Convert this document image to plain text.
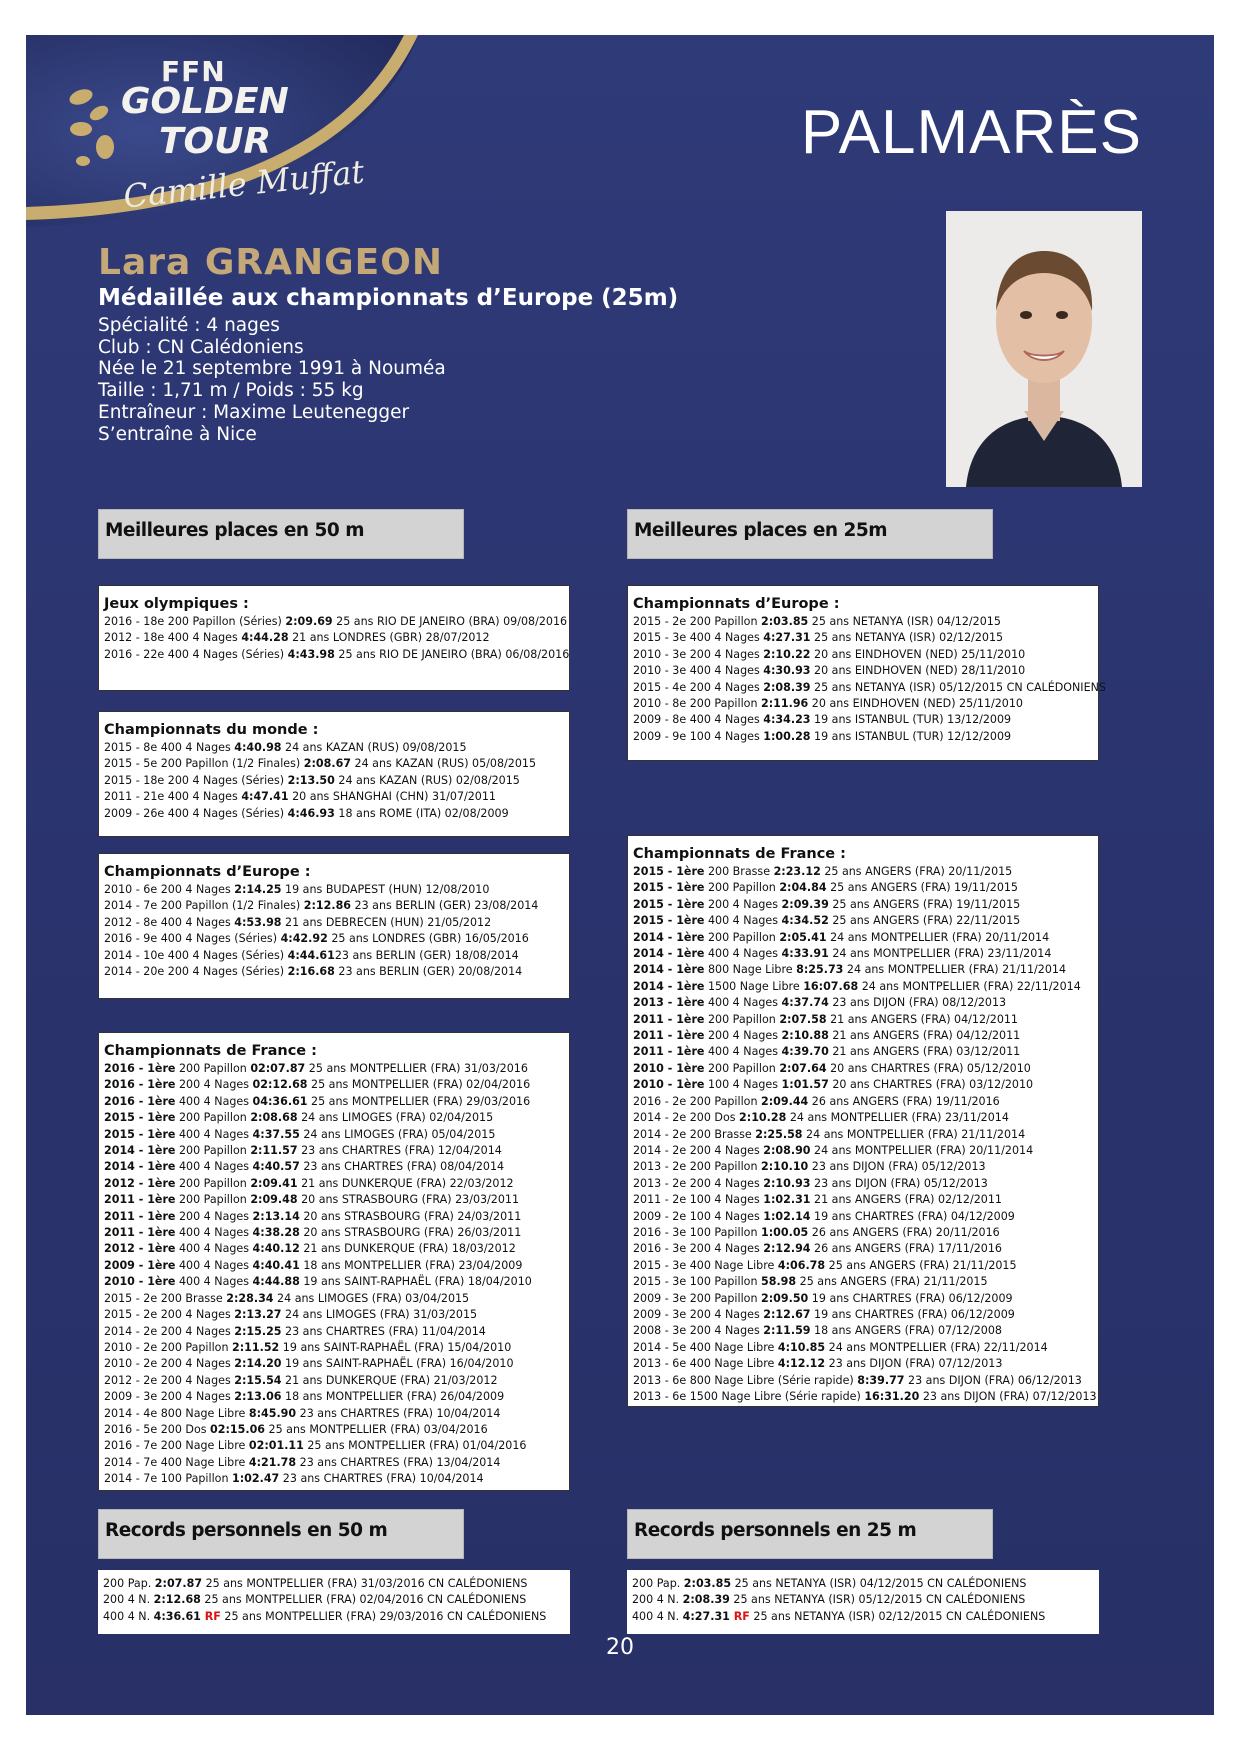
FFN
GOLDEN
TOUR
Camille Muffat
PALMARÈS
Lara GRANGEON
Médaillée aux championnats d’Europe (25m)
Spécialité : 4 nages
Club : CN Calédoniens
Née le 21 septembre 1991 à Nouméa
Taille : 1,71 m / Poids : 55 kg
Entraîneur : Maxime Leutenegger
S’entraîne à Nice
Meilleures places en 50 m	Meilleures places en 25m
Jeux olympiques :
2016 - 18e 200 Papillon (Séries) 2:09.69 25 ans RIO DE JANEIRO (BRA) 09/08/2016
2012 - 18e 400 4 Nages 4:44.28 21 ans LONDRES (GBR) 28/07/2012
2016 - 22e 400 4 Nages (Séries) 4:43.98 25 ans RIO DE JANEIRO (BRA) 06/08/2016
Championnats du monde :
2015 - 8e 400 4 Nages 4:40.98 24 ans KAZAN (RUS) 09/08/2015
2015 - 5e 200 Papillon (1/2 Finales) 2:08.67 24 ans KAZAN (RUS) 05/08/2015
2015 - 18e 200 4 Nages (Séries) 2:13.50 24 ans KAZAN (RUS) 02/08/2015
2011 - 21e 400 4 Nages 4:47.41 20 ans SHANGHAI (CHN) 31/07/2011
2009 - 26e 400 4 Nages (Séries) 4:46.93 18 ans ROME (ITA) 02/08/2009
Championnats d’Europe :
2010 - 6e 200 4 Nages 2:14.25 19 ans BUDAPEST (HUN) 12/08/2010
2014 - 7e 200 Papillon (1/2 Finales) 2:12.86 23 ans BERLIN (GER) 23/08/2014
2012 - 8e 400 4 Nages 4:53.98 21 ans DEBRECEN (HUN) 21/05/2012
2016 - 9e 400 4 Nages (Séries) 4:42.92 25 ans LONDRES (GBR) 16/05/2016
2014 - 10e 400 4 Nages (Séries) 4:44.6123 ans BERLIN (GER) 18/08/2014
2014 - 20e 200 4 Nages (Séries) 2:16.68 23 ans BERLIN (GER) 20/08/2014
Championnats de France :
2016 - 1ère 200 Papillon 02:07.87 25 ans MONTPELLIER (FRA) 31/03/2016
2016 - 1ère 200 4 Nages 02:12.68 25 ans MONTPELLIER (FRA) 02/04/2016
2016 - 1ère 400 4 Nages 04:36.61 25 ans MONTPELLIER (FRA) 29/03/2016
2015 - 1ère 200 Papillon 2:08.68 24 ans LIMOGES (FRA) 02/04/2015
2015 - 1ère 400 4 Nages 4:37.55 24 ans LIMOGES (FRA) 05/04/2015
2014 - 1ère 200 Papillon 2:11.57 23 ans CHARTRES (FRA) 12/04/2014
2014 - 1ère 400 4 Nages 4:40.57 23 ans CHARTRES (FRA) 08/04/2014
2012 - 1ère 200 Papillon 2:09.41 21 ans DUNKERQUE (FRA) 22/03/2012
2011 - 1ère 200 Papillon 2:09.48 20 ans STRASBOURG (FRA) 23/03/2011
2011 - 1ère 200 4 Nages 2:13.14 20 ans STRASBOURG (FRA) 24/03/2011
2011 - 1ère 400 4 Nages 4:38.28 20 ans STRASBOURG (FRA) 26/03/2011
2012 - 1ère 400 4 Nages 4:40.12 21 ans DUNKERQUE (FRA) 18/03/2012
2009 - 1ère 400 4 Nages 4:40.41 18 ans MONTPELLIER (FRA) 23/04/2009
2010 - 1ère 400 4 Nages 4:44.88 19 ans SAINT-RAPHAËL (FRA) 18/04/2010
2015 - 2e 200 Brasse 2:28.34 24 ans LIMOGES (FRA) 03/04/2015
2015 - 2e 200 4 Nages 2:13.27 24 ans LIMOGES (FRA) 31/03/2015
2014 - 2e 200 4 Nages 2:15.25 23 ans CHARTRES (FRA) 11/04/2014
2010 - 2e 200 Papillon 2:11.52 19 ans SAINT-RAPHAËL (FRA) 15/04/2010
2010 - 2e 200 4 Nages 2:14.20 19 ans SAINT-RAPHAËL (FRA) 16/04/2010
2012 - 2e 200 4 Nages 2:15.54 21 ans DUNKERQUE (FRA) 21/03/2012
2009 - 3e 200 4 Nages 2:13.06 18 ans MONTPELLIER (FRA) 26/04/2009
2014 - 4e 800 Nage Libre 8:45.90 23 ans CHARTRES (FRA) 10/04/2014
2016 - 5e 200 Dos 02:15.06 25 ans MONTPELLIER (FRA) 03/04/2016
2016 - 7e 200 Nage Libre 02:01.11 25 ans MONTPELLIER (FRA) 01/04/2016
2014 - 7e 400 Nage Libre 4:21.78 23 ans CHARTRES (FRA) 13/04/2014
2014 - 7e 100 Papillon 1:02.47 23 ans CHARTRES (FRA) 10/04/2014
Championnats d’Europe :
2015 - 2e 200 Papillon 2:03.85 25 ans NETANYA (ISR) 04/12/2015
2015 - 3e 400 4 Nages 4:27.31 25 ans NETANYA (ISR) 02/12/2015
2010 - 3e 200 4 Nages 2:10.22 20 ans EINDHOVEN (NED) 25/11/2010
2010 - 3e 400 4 Nages 4:30.93 20 ans EINDHOVEN (NED) 28/11/2010
2015 - 4e 200 4 Nages 2:08.39 25 ans NETANYA (ISR) 05/12/2015 CN CALÉDONIENS
2010 - 8e 200 Papillon 2:11.96 20 ans EINDHOVEN (NED) 25/11/2010
2009 - 8e 400 4 Nages 4:34.23 19 ans ISTANBUL (TUR) 13/12/2009
2009 - 9e 100 4 Nages 1:00.28 19 ans ISTANBUL (TUR) 12/12/2009
Championnats de France :
2015 - 1ère 200 Brasse 2:23.12 25 ans ANGERS (FRA) 20/11/2015
2015 - 1ère 200 Papillon 2:04.84 25 ans ANGERS (FRA) 19/11/2015
2015 - 1ère 200 4 Nages 2:09.39 25 ans ANGERS (FRA) 19/11/2015
2015 - 1ère 400 4 Nages 4:34.52 25 ans ANGERS (FRA) 22/11/2015
2014 - 1ère 200 Papillon 2:05.41 24 ans MONTPELLIER (FRA) 20/11/2014
2014 - 1ère 400 4 Nages 4:33.91 24 ans MONTPELLIER (FRA) 23/11/2014
2014 - 1ère 800 Nage Libre 8:25.73 24 ans MONTPELLIER (FRA) 21/11/2014
2014 - 1ère 1500 Nage Libre 16:07.68 24 ans MONTPELLIER (FRA) 22/11/2014
2013 - 1ère 400 4 Nages 4:37.74 23 ans DIJON (FRA) 08/12/2013
2011 - 1ère 200 Papillon 2:07.58 21 ans ANGERS (FRA) 04/12/2011
2011 - 1ère 200 4 Nages 2:10.88 21 ans ANGERS (FRA) 04/12/2011
2011 - 1ère 400 4 Nages 4:39.70 21 ans ANGERS (FRA) 03/12/2011
2010 - 1ère 200 Papillon 2:07.64 20 ans CHARTRES (FRA) 05/12/2010
2010 - 1ère 100 4 Nages 1:01.57 20 ans CHARTRES (FRA) 03/12/2010
2016 - 2e 200 Papillon 2:09.44 26 ans ANGERS (FRA) 19/11/2016
2014 - 2e 200 Dos 2:10.28 24 ans MONTPELLIER (FRA) 23/11/2014
2014 - 2e 200 Brasse 2:25.58 24 ans MONTPELLIER (FRA) 21/11/2014
2014 - 2e 200 4 Nages 2:08.90 24 ans MONTPELLIER (FRA) 20/11/2014
2013 - 2e 200 Papillon 2:10.10 23 ans DIJON (FRA) 05/12/2013
2013 - 2e 200 4 Nages 2:10.93 23 ans DIJON (FRA) 05/12/2013
2011 - 2e 100 4 Nages 1:02.31 21 ans ANGERS (FRA) 02/12/2011
2009 - 2e 100 4 Nages 1:02.14 19 ans CHARTRES (FRA) 04/12/2009
2016 - 3e 100 Papillon 1:00.05 26 ans ANGERS (FRA) 20/11/2016
2016 - 3e 200 4 Nages 2:12.94 26 ans ANGERS (FRA) 17/11/2016
2015 - 3e 400 Nage Libre 4:06.78 25 ans ANGERS (FRA) 21/11/2015
2015 - 3e 100 Papillon 58.98 25 ans ANGERS (FRA) 21/11/2015
2009 - 3e 200 Papillon 2:09.50 19 ans CHARTRES (FRA) 06/12/2009
2009 - 3e 200 4 Nages 2:12.67 19 ans CHARTRES (FRA) 06/12/2009
2008 - 3e 200 4 Nages 2:11.59 18 ans ANGERS (FRA) 07/12/2008
2014 - 5e 400 Nage Libre 4:10.85 24 ans MONTPELLIER (FRA) 22/11/2014
2013 - 6e 400 Nage Libre 4:12.12 23 ans DIJON (FRA) 07/12/2013
2013 - 6e 800 Nage Libre (Série rapide) 8:39.77 23 ans DIJON (FRA) 06/12/2013
2013 - 6e 1500 Nage Libre (Série rapide) 16:31.20 23 ans DIJON (FRA) 07/12/2013
Records personnels en 50 m	Records personnels en 25 m
200 Pap. 2:07.87 25 ans MONTPELLIER (FRA) 31/03/2016 CN CALÉDONIENS
200 4 N. 2:12.68 25 ans MONTPELLIER (FRA) 02/04/2016 CN CALÉDONIENS
400 4 N. 4:36.61 RF 25 ans MONTPELLIER (FRA) 29/03/2016 CN CALÉDONIENS
200 Pap. 2:03.85 25 ans NETANYA (ISR) 04/12/2015 CN CALÉDONIENS
200 4 N. 2:08.39 25 ans NETANYA (ISR) 05/12/2015 CN CALÉDONIENS
400 4 N. 4:27.31 RF 25 ans NETANYA (ISR) 02/12/2015 CN CALÉDONIENS
20
